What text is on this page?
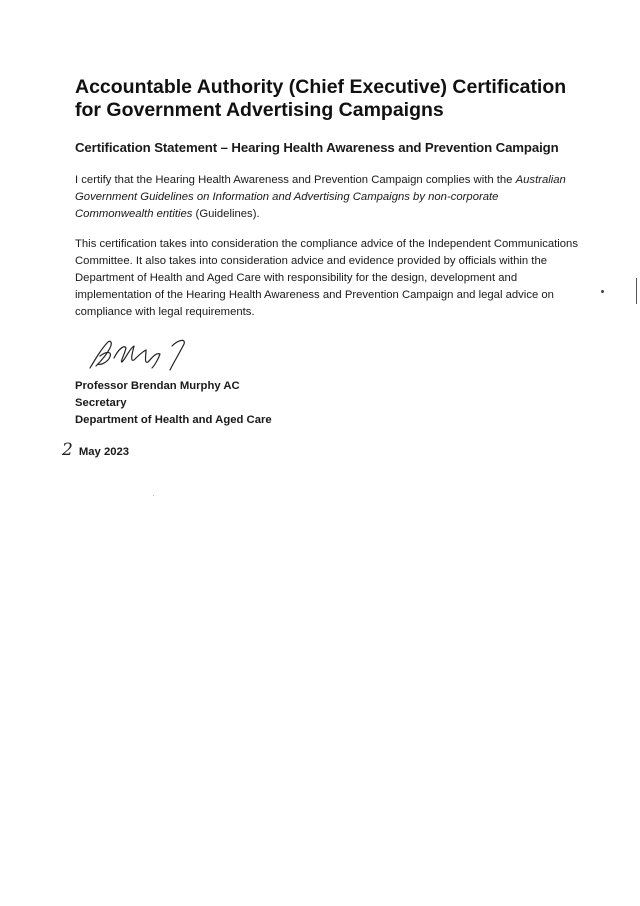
Accountable Authority (Chief Executive) Certification for Government Advertising Campaigns
Certification Statement – Hearing Health Awareness and Prevention Campaign

I certify that the Hearing Health Awareness and Prevention Campaign complies with the Australian Government Guidelines on Information and Advertising Campaigns by non-corporate Commonwealth entities (Guidelines).

This certification takes into consideration the compliance advice of the Independent Communications Committee. It also takes into consideration advice and evidence provided by officials within the Department of Health and Aged Care with responsibility for the design, development and implementation of the Hearing Health Awareness and Prevention Campaign and legal advice on compliance with legal requirements.

Professor Brendan Murphy AC
Secretary
Department of Health and Aged Care
2 May 2023
